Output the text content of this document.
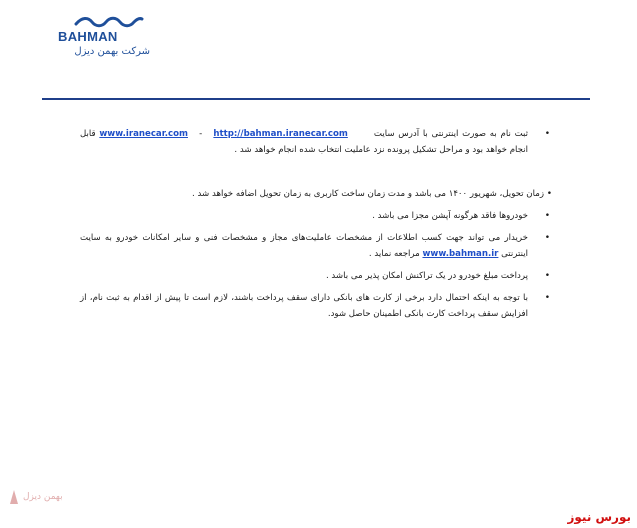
BAHMAN
شرکت بهمن دیزل
• ثبت نام به صورت اینترنتی با آدرس سایت       www.iranecar.com - http://bahman.iranecar.com قابل انجام خواهد بود و مراحل تشکیل پرونده نزد عاملیت انتخاب شده انجام خواهد شد .
• زمان تحویل، شهریور ۱۴۰۰ می باشد و مدت زمان ساخت کاربری به زمان تحویل اضافه خواهد شد .
• خودروها فاقد هرگونه آپشن مجزا می باشد .
• خریدار می تواند جهت کسب اطلاعات از مشخصات عاملیت‌های مجاز و مشخصات فنی و سایر امکانات خودرو به سایت اینترنتی www.bahman.ir مراجعه نماید .
• پرداخت مبلغ خودرو در یک تراکنش امکان پذیر می باشد .
• با توجه به اینکه احتمال دارد برخی از کارت های بانکی دارای سقف پرداخت باشند، لازم است تا پیش از اقدام به ثبت نام، از افزایش سقف پرداخت کارت بانکی اطمینان حاصل شود.
بهمن دیزل
بورس نیوز
